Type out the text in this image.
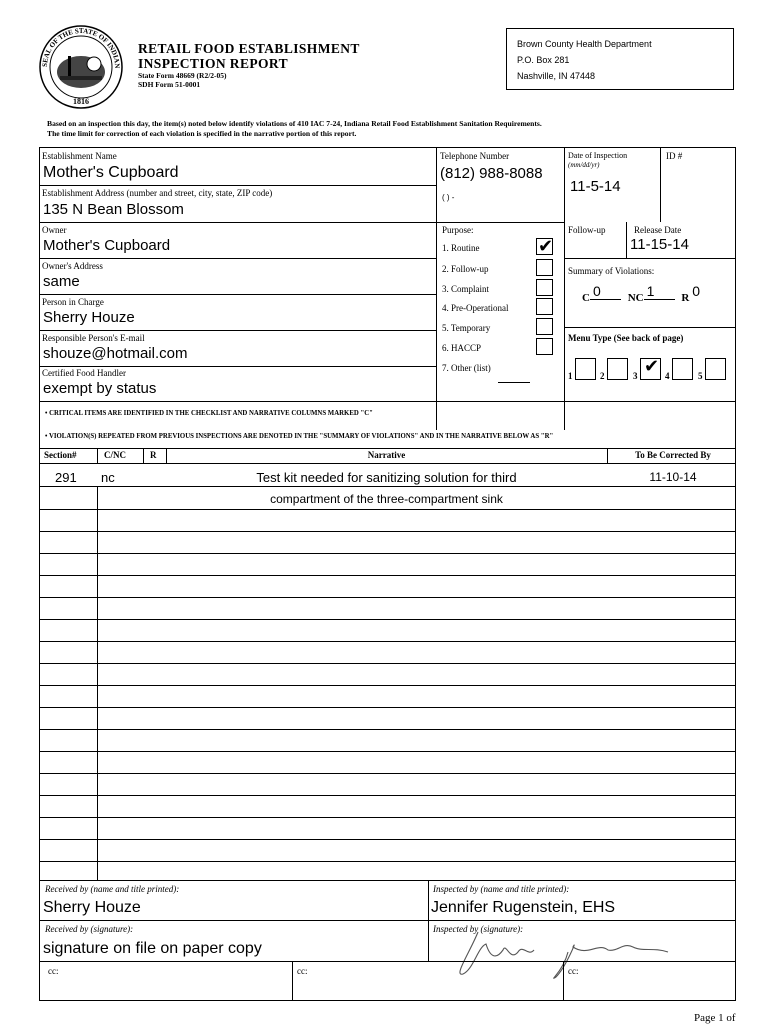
SEAL OF THE STATE OF INDIAN
1816
RETAIL FOOD ESTABLISHMENT
INSPECTION REPORT
State Form 48669 (R2/2-05)
SDH Form 51-0001
Brown County Health Department
P.O. Box 281
Nashville, IN 47448
Based on an inspection this day, the item(s) noted below identify violations of 410 IAC 7-24, Indiana Retail Food Establishment Sanitation Requirements.
The time limit for correction of each violation is specified in the narrative portion of this report.
Establishment Name
Mother's Cupboard
Establishment Address (number and street, city, state, ZIP code)
135 N Bean Blossom
Owner
Mother's Cupboard
Owner's Address
same
Person in Charge
Sherry Houze
Responsible Person's E-mail
shouze@hotmail.com
Certified Food Handler
exempt by status
Telephone Number
(812) 988-8088
( ) -
Purpose:
1. Routine	✔
2. Follow-up
3. Complaint
4. Pre-Operational
5. Temporary
6. HACCP
7. Other (list)
Date of Inspection
(mm/dd/yr)
11-5-14
ID #
Follow-up	Release Date
11-15-14
Summary of Violations:
C 0 NC 1 R 0
Menu Type (See back of page)
1	2	3 ✔ 4	5
• CRITICAL ITEMS ARE IDENTIFIED IN THE CHECKLIST AND NARRATIVE COLUMNS MARKED "C"
• VIOLATION(S) REPEATED FROM PREVIOUS INSPECTIONS ARE DENOTED IN THE "SUMMARY OF VIOLATIONS" AND IN THE NARRATIVE BELOW AS "R"
Section#	C/NC	R	Narrative	To Be Corrected By
291 nc	Test kit needed for sanitizing solution for third	11-10-14
compartment of the three-compartment sink
Received by (name and title printed):
Sherry Houze
Inspected by (name and title printed):
Jennifer Rugenstein, EHS
Received by (signature):
signature on file on paper copy
Inspected by (signature):
cc:	cc:	cc:
Page 1 of
